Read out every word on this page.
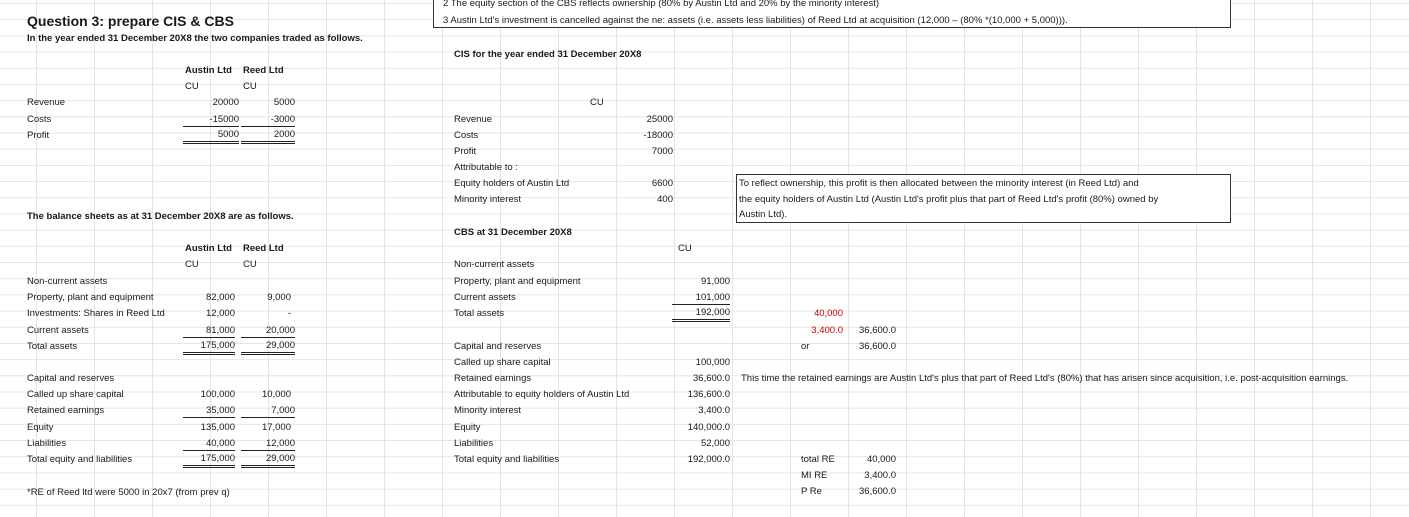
2 The equity section of the CBS reflects ownership (80% by Austin Ltd and 20% by the minority interest)
3 Austin Ltd's investment is cancelled against the ne: assets (i.e. assets less liabilities) of Reed Ltd at acquisition (12,000 – (80% *(10,000 + 5,000))).
Question 3: prepare CIS & CBS
In the year ended 31 December 20X8 the two companies traded as follows.
Austin Ltd Reed Ltd
CU	CU
Revenue	20000	5000
Costs	-15000	-3000
Profit	5000	2000
The balance sheets as at 31 December 20X8 are as follows.
Austin Ltd Reed Ltd
CU	CU
Non-current assets
Property, plant and equipment	82,000	9,000
Investments: Shares in Reed Ltd	12,000	-
Current assets	81,000	20,000
Total assets	175,000	29,000
Capital and reserves
Called up share capital	100,000	10,000
Retained earnings	35,000	7,000
Equity	135,000	17,000
Liabilities	40,000	12,000
Total equity and liabilities	175,000	29,000
*RE of Reed ltd were 5000 in 20x7 (from prev q)
CIS for the year ended 31 December 20X8
CU
Revenue	25000
Costs	-18000
Profit	7000
Attributable to :
Equity holders of Austin Ltd	6600
Minority interest	400
To reflect ownership, this profit is then allocated between the minority interest (in Reed Ltd) and
the equity holders of Austin Ltd (Austin Ltd's profit plus that part of Reed Ltd's profit (80%) owned by
Austin Ltd).
CBS at 31 December 20X8
CU
Non-current assets
Property, plant and equipment	91,000
Current assets	101,000
Total assets	192,000
Capital and reserves
Called up share capital	100,000
Retained earnings	36,600.0 This time the retained earnings are Austin Ltd's plus that part of Reed Ltd's (80%) that has arisen since acquisition, i.e. post-acquisition earnings.
Attributable to equity holders of Austin Ltd	136,600.0
Minority interest	3,400.0
Equity	140,000.0
Liabilities	52,000
Total equity and liabilities	192,000.0
40,000
3,400.0	36,600.0
or	36,600.0
total RE	40,000
MI RE	3,400.0
P Re	36,600.0
